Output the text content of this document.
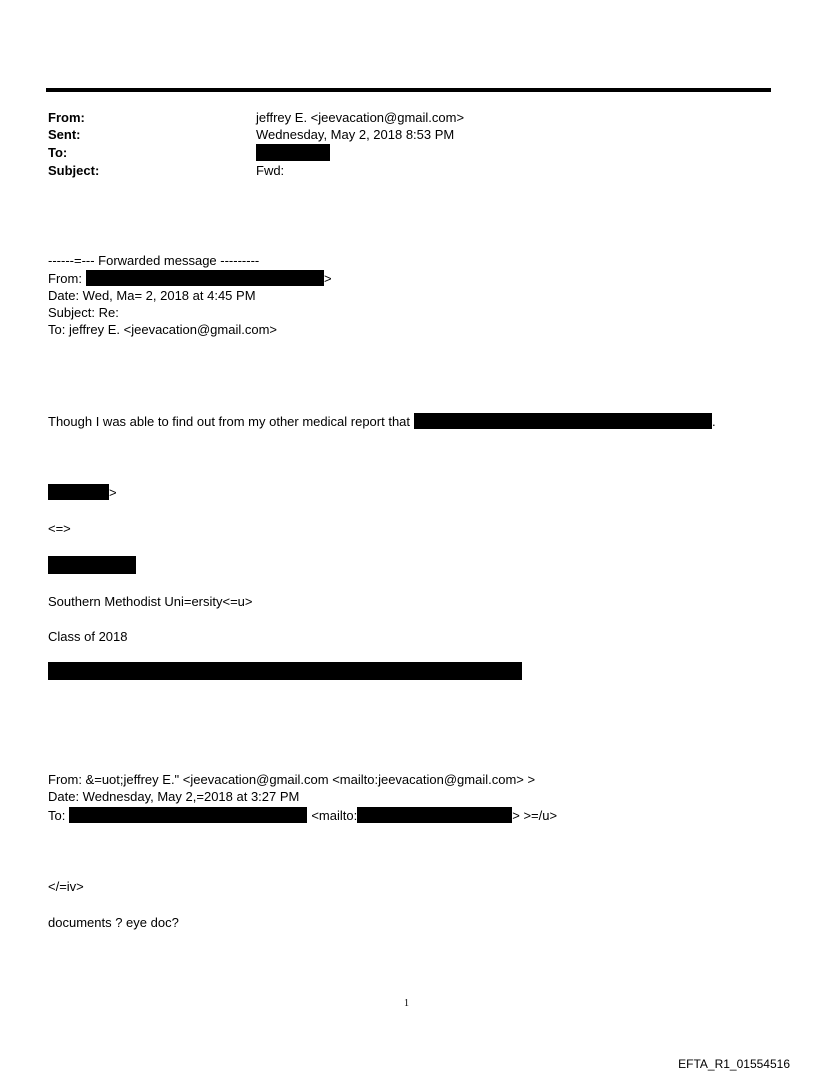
From:	jeffrey E. <jeevacation@gmail.com>
Sent:	Wednesday, May 2, 2018 8:53 PM
To:
Subject:	Fwd:
------=--- Forwarded message ---------
From:	>
Date: Wed, Ma= 2, 2018 at 4:45 PM
Subject: Re:
To: jeffrey E. <jeevacation@gmail.com>
Though I was able to find out from my other medical report that	.
>
<=>
Southern Methodist Uni=ersity<=u>
Class of 2018
From: &=uot;jeffrey E." <jeevacation@gmail.com <mailto:jeevacation@gmail.com> >
Date: Wednesday, May 2,=2018 at 3:27 PM
To:	<mailto:	> >=/u>
</=iv>
documents ? eye doc?
1
EFTA_R1_01554516
